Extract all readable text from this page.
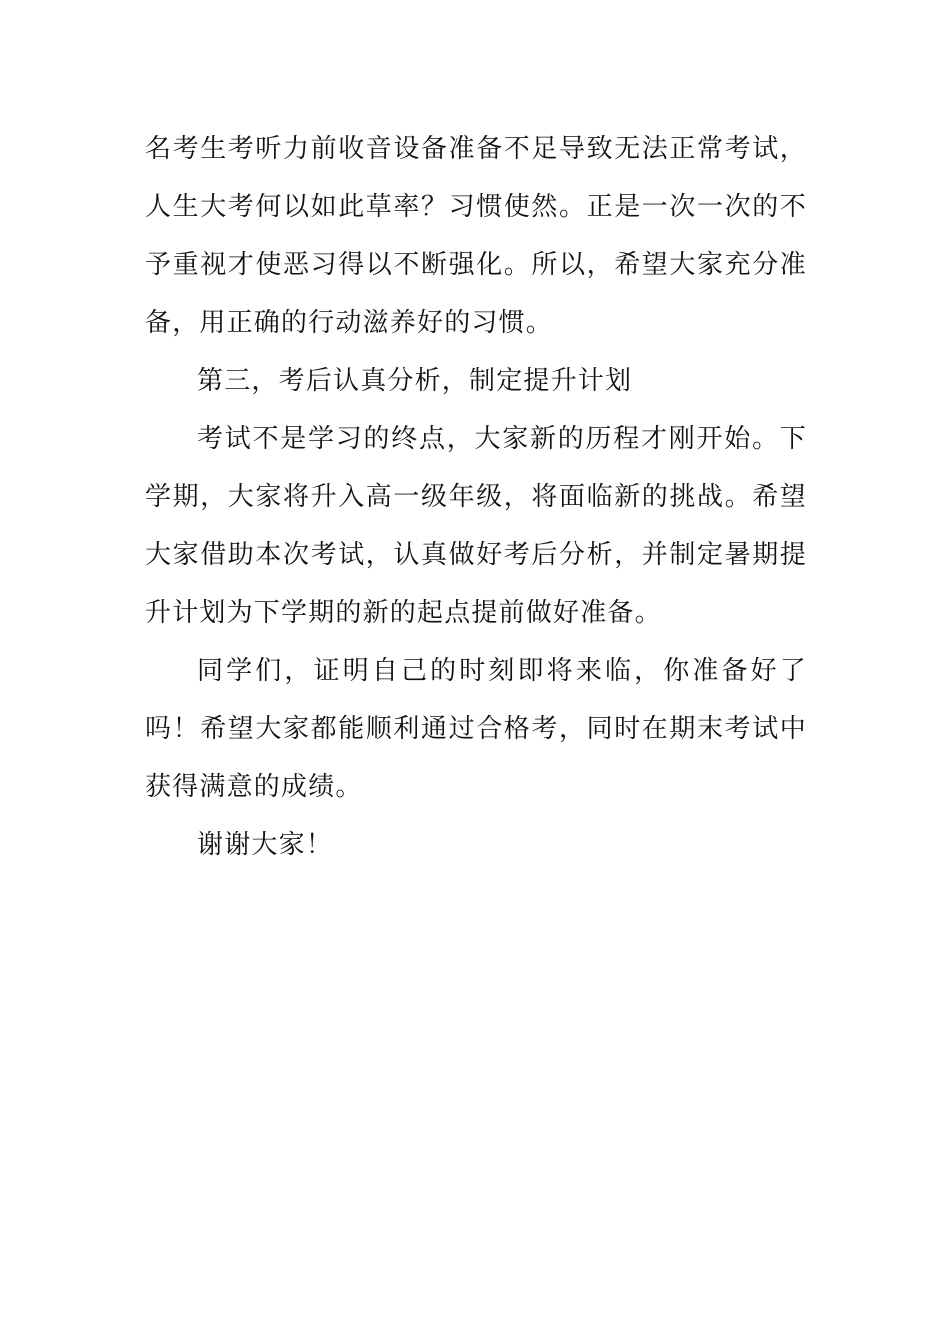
名考生考听力前收音设备准备不足导致无法正常考试，人生大考何以如此草率？习惯使然。正是一次一次的不予重视才使恶习得以不断强化。所以，希望大家充分准备，用正确的行动滋养好的习惯。

第三，考后认真分析，制定提升计划

考试不是学习的终点，大家新的历程才刚开始。下学期，大家将升入高一级年级，将面临新的挑战。希望大家借助本次考试，认真做好考后分析，并制定暑期提升计划为下学期的新的起点提前做好准备。

同学们，证明自己的时刻即将来临，你准备好了吗！希望大家都能顺利通过合格考，同时在期末考试中获得满意的成绩。

谢谢大家！
